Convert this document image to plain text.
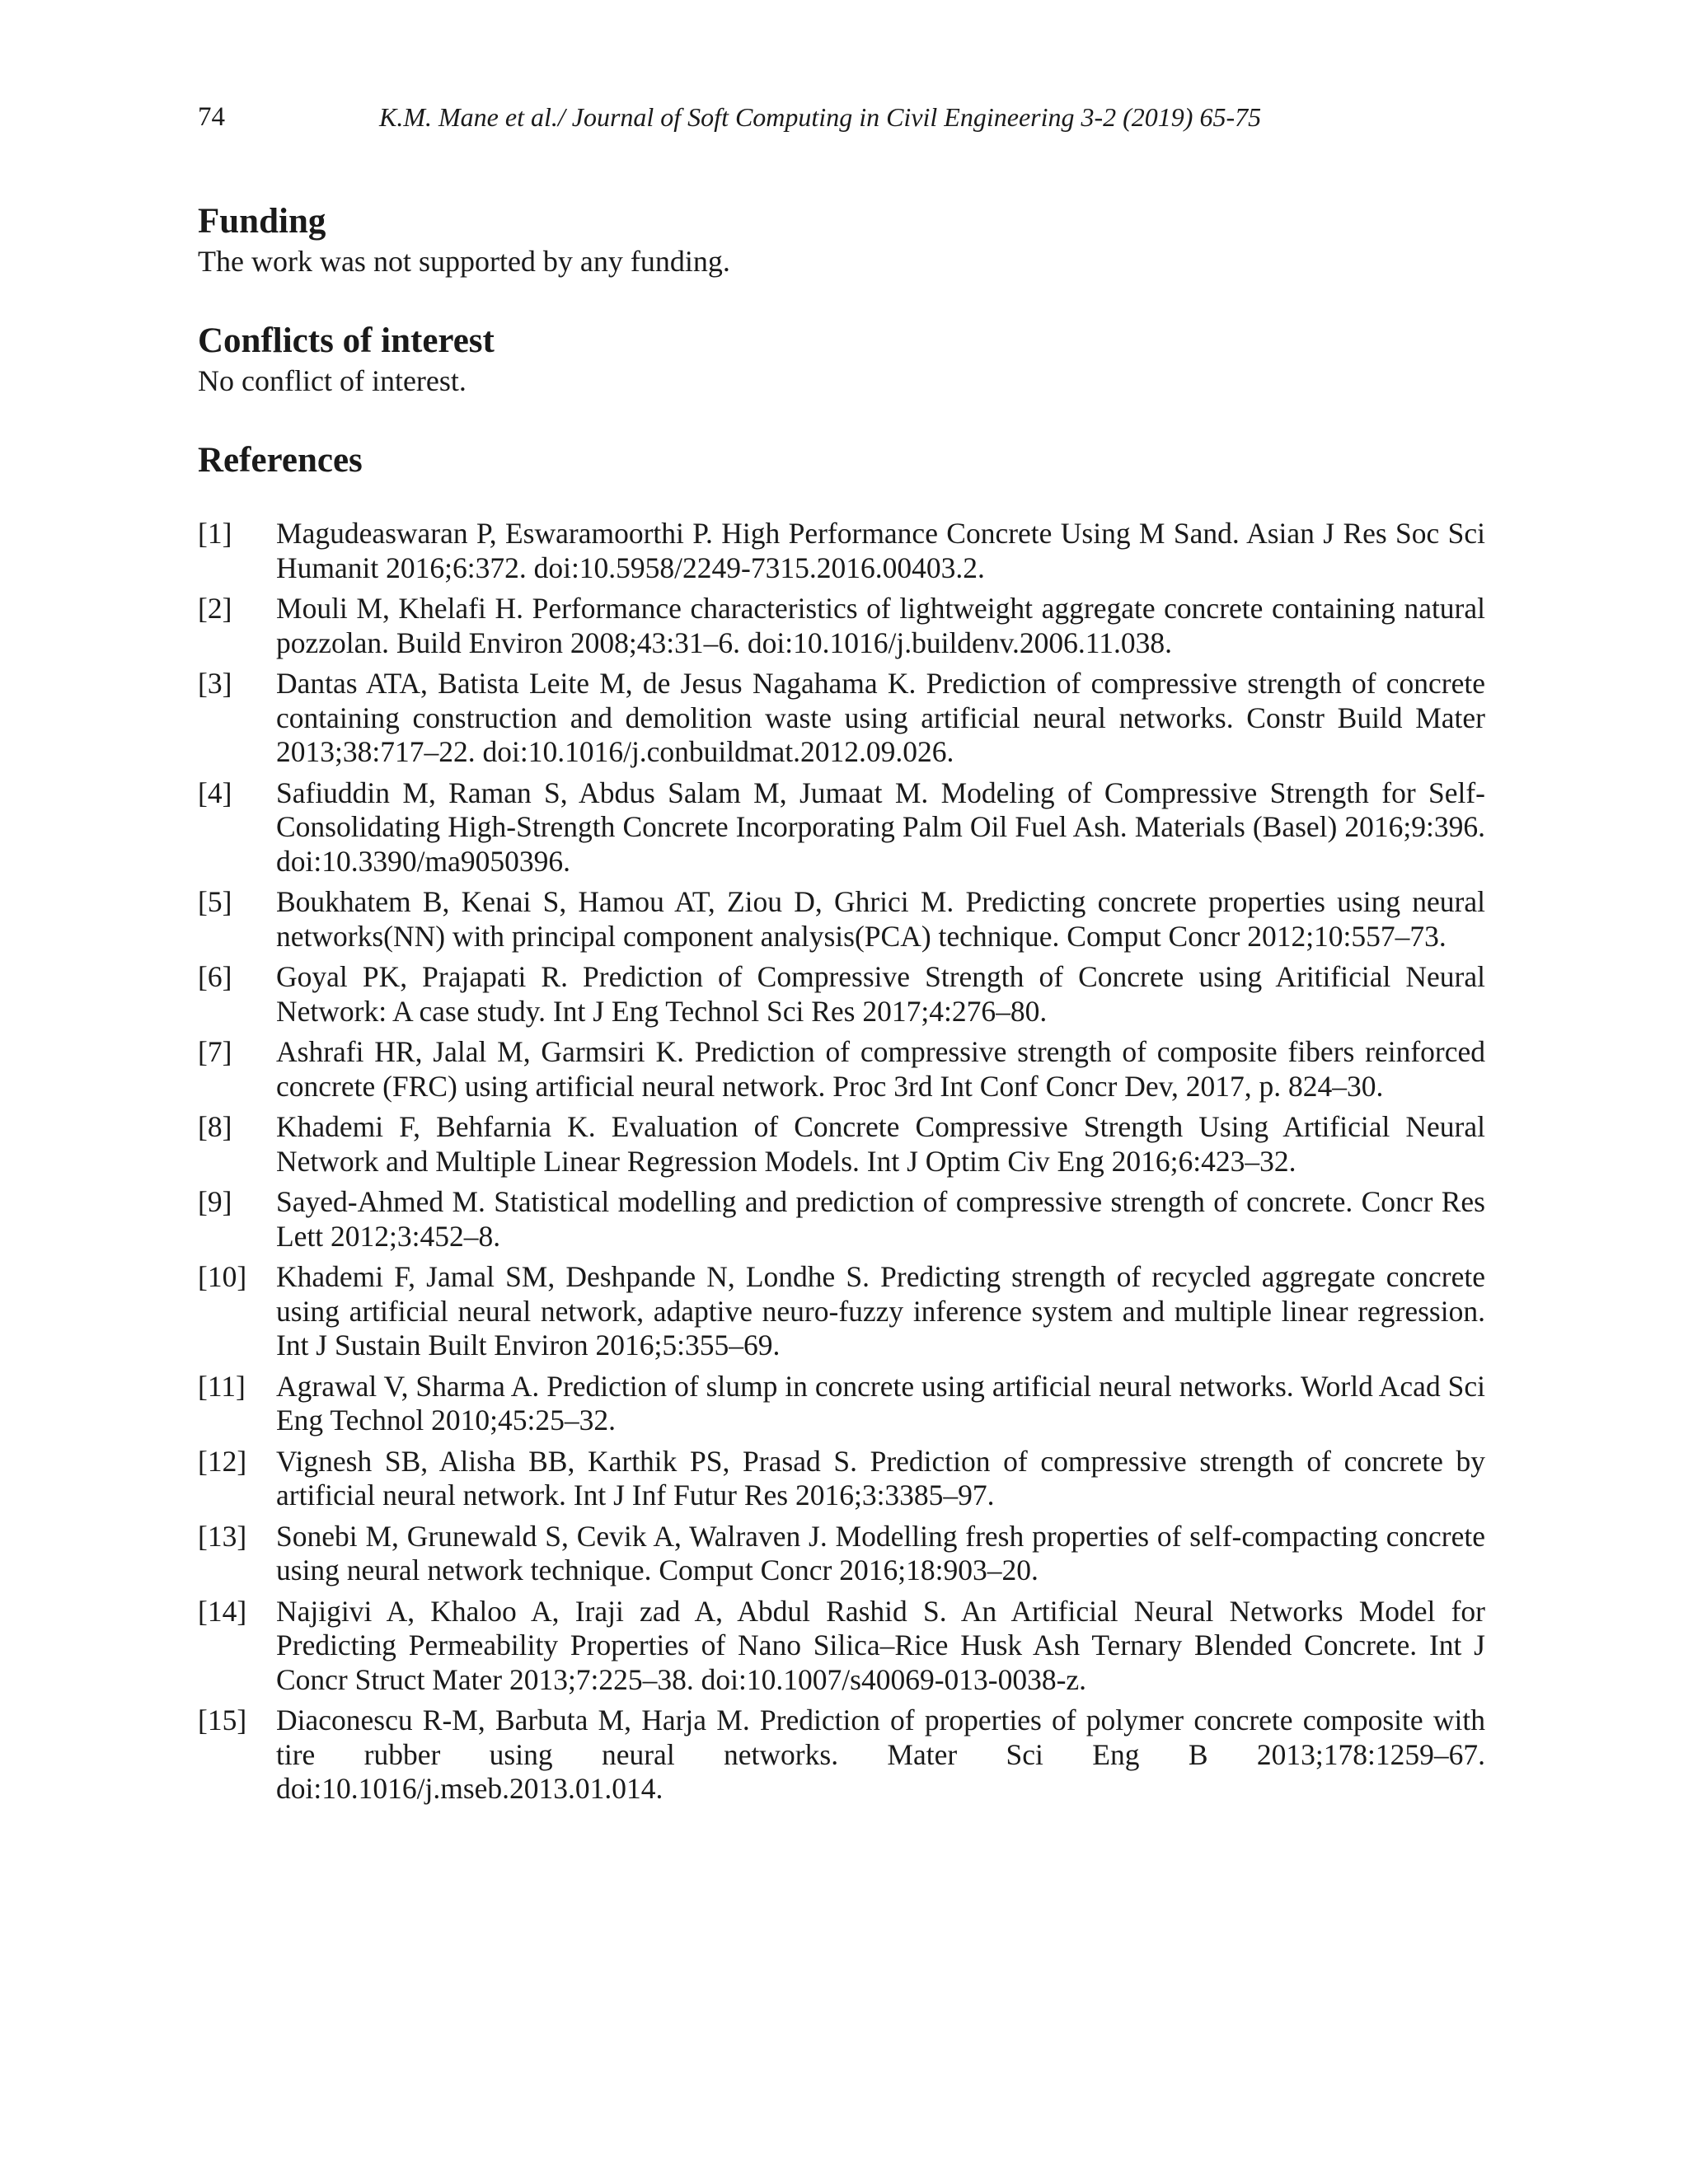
74	K.M. Mane et al./ Journal of Soft Computing in Civil Engineering 3-2 (2019) 65-75
Funding

The work was not supported by any funding.

Conflicts of interest

No conflict of interest.

References
[1]	Magudeaswaran P, Eswaramoorthi P. High Performance Concrete Using M Sand. Asian J Res Soc Sci Humanit 2016;6:372. doi:10.5958/2249-7315.2016.00403.2.
[2]	Mouli M, Khelafi H. Performance characteristics of lightweight aggregate concrete containing natural pozzolan. Build Environ 2008;43:31–6. doi:10.1016/j.buildenv.2006.11.038.
[3]	Dantas ATA, Batista Leite M, de Jesus Nagahama K. Prediction of compressive strength of concrete containing construction and demolition waste using artificial neural networks. Constr Build Mater 2013;38:717–22. doi:10.1016/j.conbuildmat.2012.09.026.
[4]	Safiuddin M, Raman S, Abdus Salam M, Jumaat M. Modeling of Compressive Strength for Self-Consolidating High-Strength Concrete Incorporating Palm Oil Fuel Ash. Materials (Basel) 2016;9:396. doi:10.3390/ma9050396.
[5]	Boukhatem B, Kenai S, Hamou AT, Ziou D, Ghrici M. Predicting concrete properties using neural networks(NN) with principal component analysis(PCA) technique. Comput Concr 2012;10:557–73.
[6]	Goyal PK, Prajapati R. Prediction of Compressive Strength of Concrete using Aritificial Neural Network: A case study. Int J Eng Technol Sci Res 2017;4:276–80.
[7]	Ashrafi HR, Jalal M, Garmsiri K. Prediction of compressive strength of composite fibers reinforced concrete (FRC) using artificial neural network. Proc 3rd Int Conf Concr Dev, 2017, p. 824–30.
[8]	Khademi F, Behfarnia K. Evaluation of Concrete Compressive Strength Using Artificial Neural Network and Multiple Linear Regression Models. Int J Optim Civ Eng 2016;6:423–32.
[9]	Sayed-Ahmed M. Statistical modelling and prediction of compressive strength of concrete. Concr Res Lett 2012;3:452–8.
[10]	Khademi F, Jamal SM, Deshpande N, Londhe S. Predicting strength of recycled aggregate concrete using artificial neural network, adaptive neuro-fuzzy inference system and multiple linear regression. Int J Sustain Built Environ 2016;5:355–69.
[11]	Agrawal V, Sharma A. Prediction of slump in concrete using artificial neural networks. World Acad Sci Eng Technol 2010;45:25–32.
[12]	Vignesh SB, Alisha BB, Karthik PS, Prasad S. Prediction of compressive strength of concrete by artificial neural network. Int J Inf Futur Res 2016;3:3385–97.
[13]	Sonebi M, Grunewald S, Cevik A, Walraven J. Modelling fresh properties of self-compacting concrete using neural network technique. Comput Concr 2016;18:903–20.
[14]	Najigivi A, Khaloo A, Iraji zad A, Abdul Rashid S. An Artificial Neural Networks Model for Predicting Permeability Properties of Nano Silica–Rice Husk Ash Ternary Blended Concrete. Int J Concr Struct Mater 2013;7:225–38. doi:10.1007/s40069-013-0038-z.
[15]	Diaconescu R-M, Barbuta M, Harja M. Prediction of properties of polymer concrete composite with tire rubber using neural networks. Mater Sci Eng B 2013;178:1259–67. doi:10.1016/j.mseb.2013.01.014.
